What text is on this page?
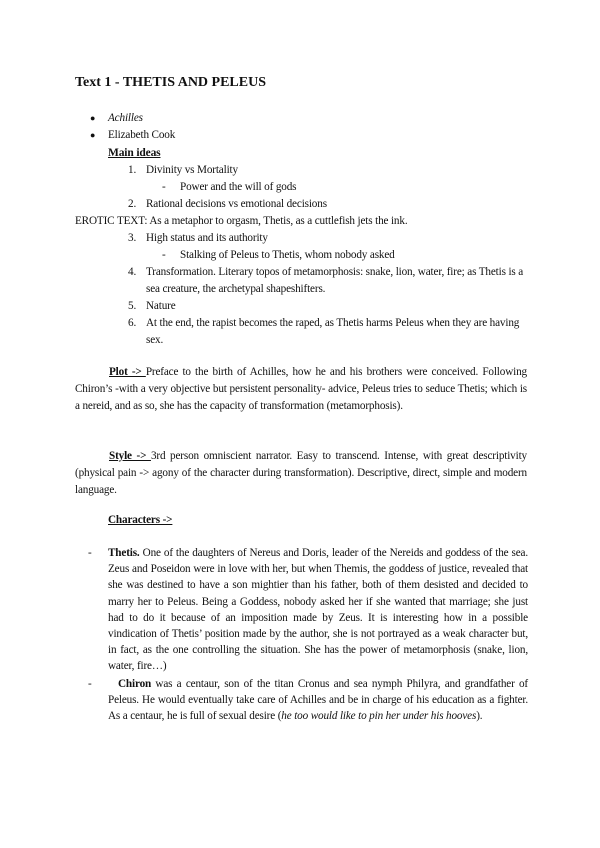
Text 1 - THETIS AND PELEUS
● Achilles
● Elizabeth Cook
Main ideas
1. Divinity vs Mortality
- Power and the will of gods
2. Rational decisions vs emotional decisions
EROTIC TEXT: As a metaphor to orgasm, Thetis, as a cuttlefish jets the ink.
3. High status and its authority
- Stalking of Peleus to Thetis, whom nobody asked
4. Transformation. Literary topos of metamorphosis: snake, lion, water, fire; as Thetis is a sea creature, the archetypal shapeshifters.
5. Nature
6. At the end, the rapist becomes the raped, as Thetis harms Peleus when they are having sex.
Plot -> Preface to the birth of Achilles, how he and his brothers were conceived. Following Chiron’s -with a very objective but persistent personality- advice, Peleus tries to seduce Thetis; which is a nereid, and as so, she has the capacity of transformation (metamorphosis).
Style -> 3rd person omniscient narrator. Easy to transcend. Intense, with great descriptivity (physical pain -> agony of the character during transformation). Descriptive, direct, simple and modern language.
Characters ->
- Thetis. One of the daughters of Nereus and Doris, leader of the Nereids and goddess of the sea. Zeus and Poseidon were in love with her, but when Themis, the goddess of justice, revealed that she was destined to have a son mightier than his father, both of them desisted and decided to marry her to Peleus. Being a Goddess, nobody asked her if she wanted that marriage; she just had to do it because of an imposition made by Zeus. It is interesting how in a possible vindication of Thetis’ position made by the author, she is not portrayed as a weak character but, in fact, as the one controlling the situation. She has the power of metamorphosis (snake, lion, water, fire…)
-	Chiron was a centaur, son of the titan Cronus and sea nymph Philyra, and grandfather of Peleus. He would eventually take care of Achilles and be in charge of his education as a fighter. As a centaur, he is full of sexual desire (he too would like to pin her under his hooves).
